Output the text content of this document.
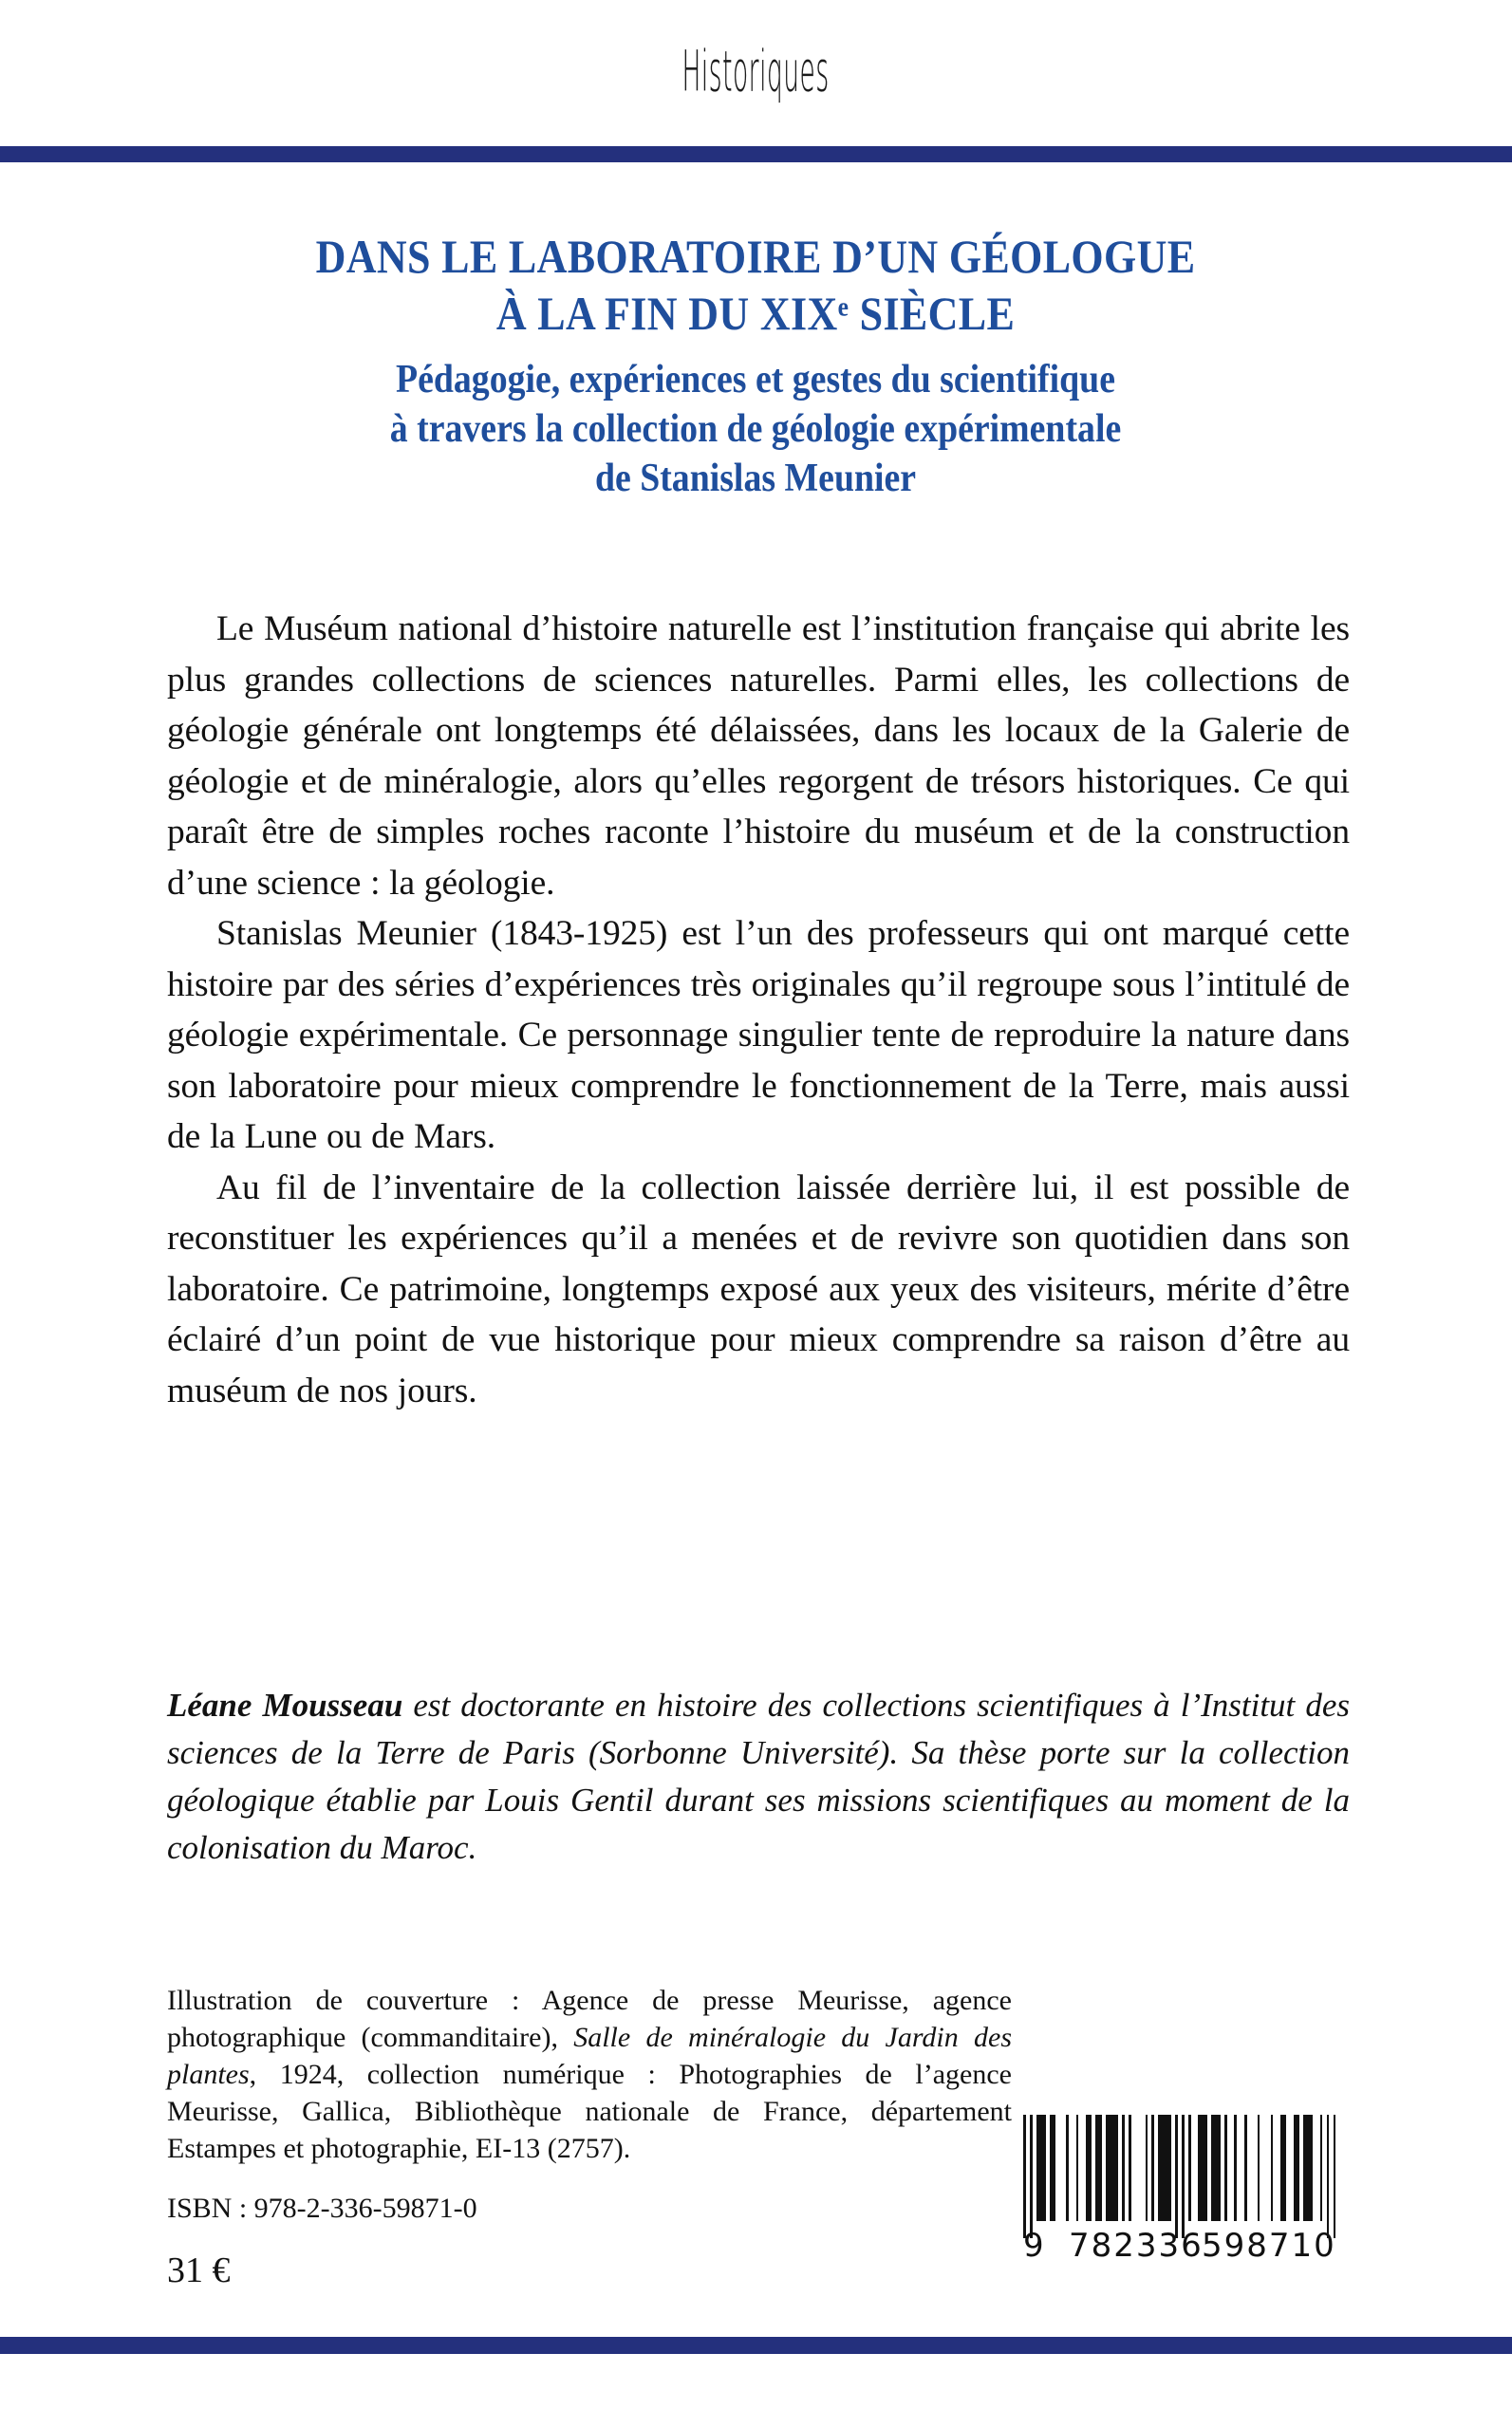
Historiques
DANS LE LABORATOIRE D’UN GÉOLOGUE
À LA FIN DU XIXe SIÈCLE
Pédagogie, expériences et gestes du scientifique
à travers la collection de géologie expérimentale
de Stanislas Meunier

Le Muséum national d’histoire naturelle est l’institution française qui abrite les plus grandes collections de sciences naturelles. Parmi elles, les collections de géologie générale ont longtemps été délaissées, dans les locaux de la Galerie de géologie et de minéralogie, alors qu’elles regorgent de trésors historiques. Ce qui paraît être de simples roches raconte l’histoire du muséum et de la construction d’une science : la géologie.

Stanislas Meunier (1843-1925) est l’un des professeurs qui ont marqué cette histoire par des séries d’expériences très originales qu’il regroupe sous l’intitulé de géologie expérimentale. Ce personnage singulier tente de reproduire la nature dans son laboratoire pour mieux comprendre le fonctionnement de la Terre, mais aussi de la Lune ou de Mars.

Au fil de l’inventaire de la collection laissée derrière lui, il est possible de reconstituer les expériences qu’il a menées et de revivre son quotidien dans son laboratoire. Ce patrimoine, longtemps exposé aux yeux des visiteurs, mérite d’être éclairé d’un point de vue historique pour mieux comprendre sa raison d’être au muséum de nos jours.

Léane Mousseau est doctorante en histoire des collections scientifiques à l’Institut des sciences de la Terre de Paris (Sorbonne Université). Sa thèse porte sur la collection géologique établie par Louis Gentil durant ses missions scientifiques au moment de la colonisation du Maroc.

Illustration de couverture : Agence de presse Meurisse, agence photographique (commanditaire), Salle de minéralogie du Jardin des plantes, 1924, collection numérique : Photographies de l’agence Meurisse, Gallica, Bibliothèque nationale de France, département Estampes et photographie, EI-13 (2757).

ISBN : 978-2-336-59871-0
31 €
9 782336
598710
